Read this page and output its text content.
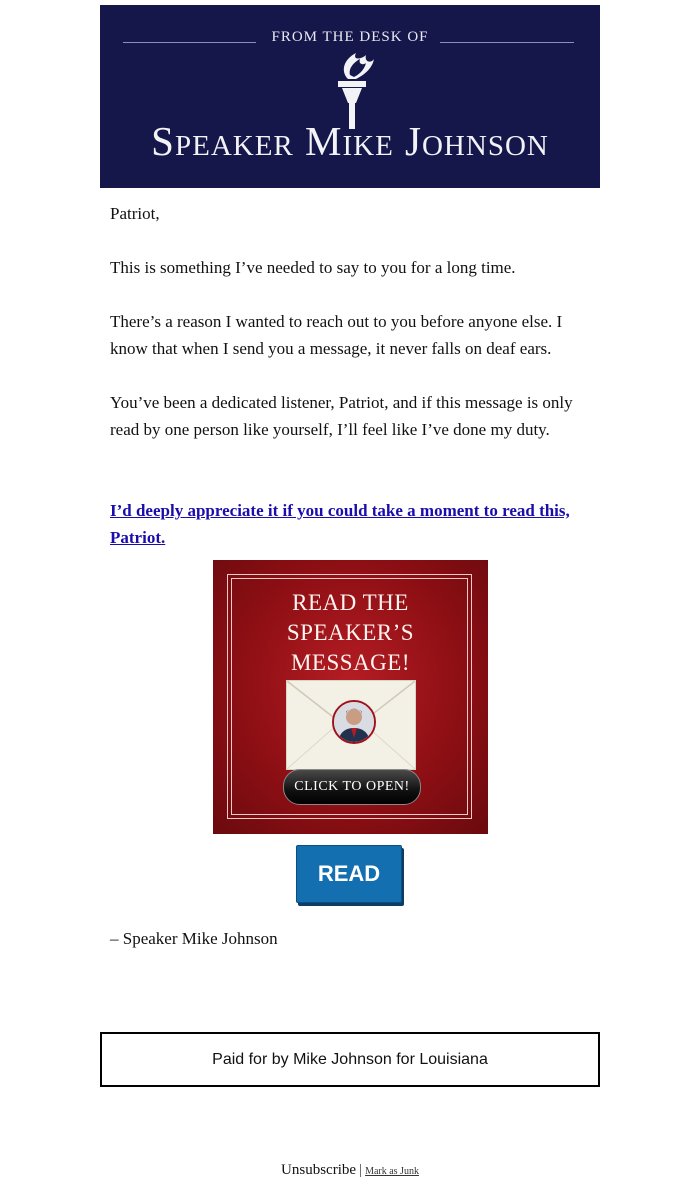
FROM THE DESK OF
Speaker Mike Johnson

Patriot,

This is something I’ve needed to say to you for a long time.

There’s a reason I wanted to reach out to you before anyone else. I know that when I send you a message, it never falls on deaf ears.

You’ve been a dedicated listener, Patriot, and if this message is only read by one person like yourself, I’ll feel like I’ve done my duty.

I’d deeply appreciate it if you could take a moment to read this, Patriot.

READ THE
SPEAKER’S
MESSAGE!
CLICK TO OPEN!
READ

– Speaker Mike Johnson

Paid for by Mike Johnson for Louisiana
Unsubscribe | Mark as Junk
